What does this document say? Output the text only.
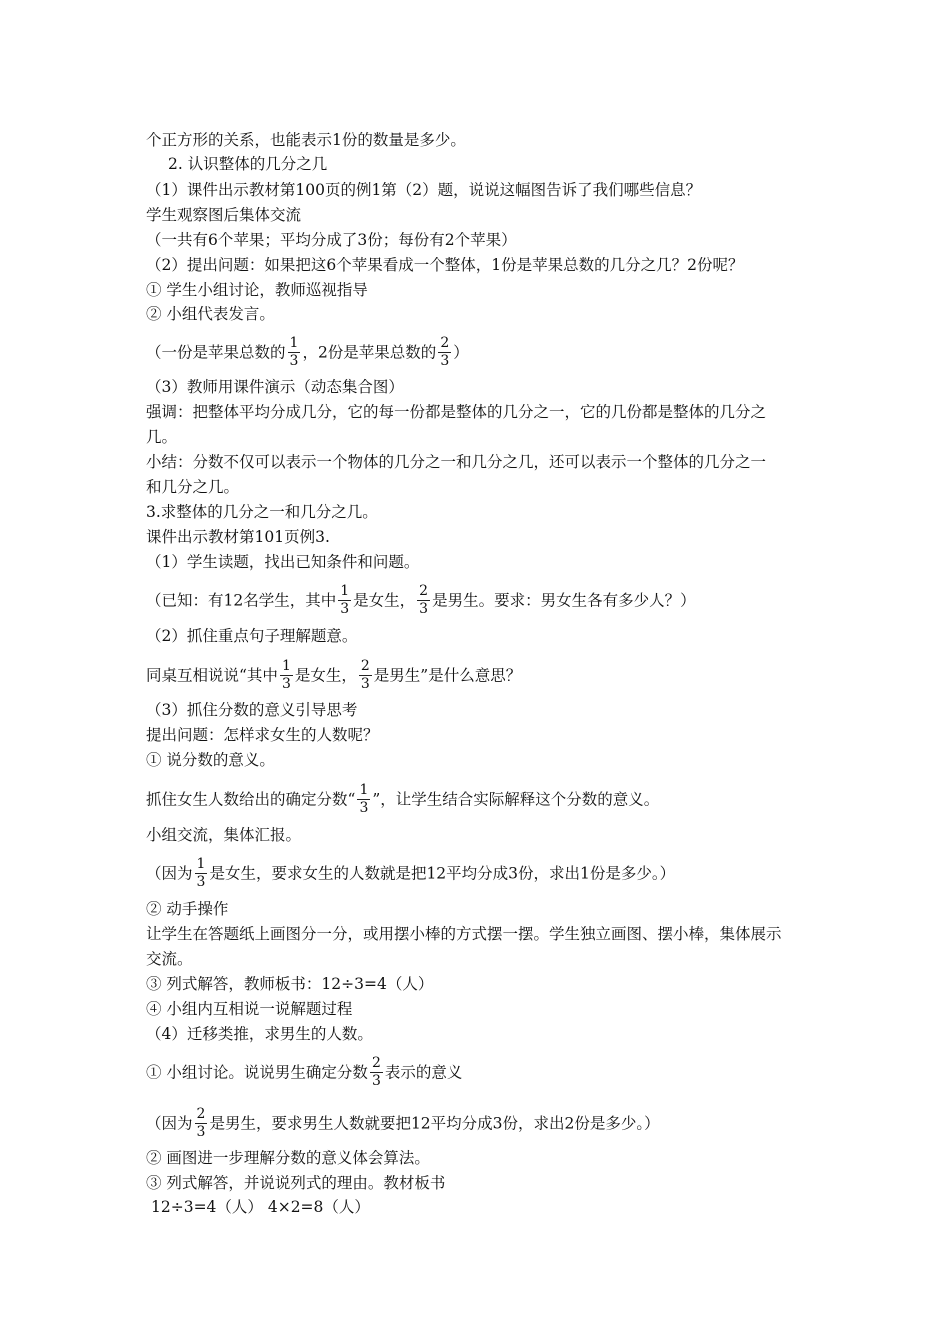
个正方形的关系，也能表示1份的数量是多少。
2. 认识整体的几分之几
（1）课件出示教材第100页的例1第（2）题，说说这幅图告诉了我们哪些信息？
学生观察图后集体交流
（一共有6个苹果；平均分成了3份；每份有2个苹果）
（2）提出问题：如果把这6个苹果看成一个整体，1份是苹果总数的几分之几？2份呢？
① 学生小组讨论，教师巡视指导
② 小组代表发言。
（一份是苹果总数的 $\frac{1}{3}$ ，2份是苹果总数的 $\frac{2}{3}$ ）
（3）教师用课件演示（动态集合图）
强调：把整体平均分成几分，它的每一份都是整体的几分之一，它的几份都是整体的几分之
几。
小结：分数不仅可以表示一个物体的几分之一和几分之几，还可以表示一个整体的几分之一
和几分之几。
3.求整体的几分之一和几分之几。
课件出示教材第101页例3.
（1）学生读题，找出已知条件和问题。
（已知：有12名学生，其中 $\frac{1}{3}$ 是女生， $\frac{2}{3}$ 是男生。要求：男女生各有多少人？）
（2）抓住重点句子理解题意。
同桌互相说说“其中 $\frac{1}{3}$ 是女生， $\frac{2}{3}$ 是男生”是什么意思？
（3）抓住分数的意义引导思考
提出问题：怎样求女生的人数呢？
① 说分数的意义。
抓住女生人数给出的确定分数“ $\frac{1}{3}$ ”，让学生结合实际解释这个分数的意义。
小组交流，集体汇报。
（因为 $\frac{1}{3}$ 是女生，要求女生的人数就是把12平均分成3份，求出1份是多少。）
② 动手操作
让学生在答题纸上画图分一分，或用摆小棒的方式摆一摆。学生独立画图、摆小棒，集体展示
交流。
③ 列式解答，教师板书：12÷3=4（人）
④ 小组内互相说一说解题过程
（4）迁移类推，求男生的人数。
① 小组讨论。说说男生确定分数 $\frac{2}{3}$ 表示的意义
（因为 $\frac{2}{3}$ 是男生，要求男生人数就要把12平均分成3份，求出2份是多少。）
② 画图进一步理解分数的意义体会算法。
③ 列式解答，并说说列式的理由。教材板书
12÷3=4（人） 4×2=8（人）
